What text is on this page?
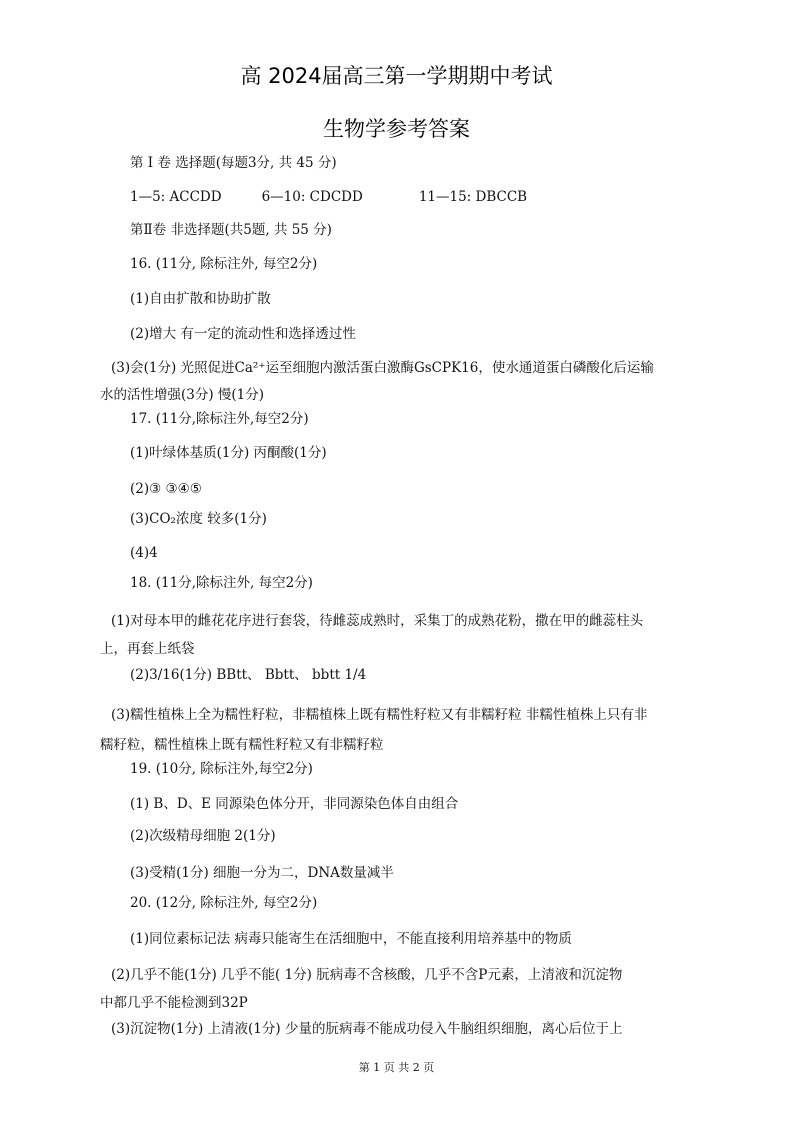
高 2024届高三第一学期期中考试
生物学参考答案
第 Ⅰ 卷 选择题(每题3分, 共 45 分)
1—5: ACCDD	6—10: CDCDD	11—15: DBCCB
第Ⅱ卷 非选择题(共5题, 共 55 分)
16. (11分, 除标注外, 每空2分)
(1)自由扩散和协助扩散
(2)增大 有一定的流动性和选择透过性
(3)会(1分) 光照促进Ca²⁺运至细胞内激活蛋白激酶GsCPK16，使水通道蛋白磷酸化后运输
水的活性增强(3分) 慢(1分)
17. (11分,除标注外,每空2分)
(1)叶绿体基质(1分) 丙酮酸(1分)
(2)③ ③④⑤
(3)CO₂浓度 较多(1分)
(4)4
18. (11分,除标注外, 每空2分)
(1)对母本甲的雌花花序进行套袋，待雌蕊成熟时，采集丁的成熟花粉，撒在甲的雌蕊柱头
上，再套上纸袋
(2)3/16(1分) BBtt、 Bbtt、 bbtt 1/4
(3)糯性植株上全为糯性籽粒，非糯植株上既有糯性籽粒又有非糯籽粒 非糯性植株上只有非
糯籽粒，糯性植株上既有糯性籽粒又有非糯籽粒
19. (10分, 除标注外,每空2分)
(1) B、D、E 同源染色体分开，非同源染色体自由组合
(2)次级精母细胞 2(1分)
(3)受精(1分) 细胞一分为二，DNA数量减半
20. (12分, 除标注外, 每空2分)
(1)同位素标记法 病毒只能寄生在活细胞中，不能直接利用培养基中的物质
(2)几乎不能(1分) 几乎不能( 1分) 朊病毒不含核酸，几乎不含P元素，上清液和沉淀物
中都几乎不能检测到32P
(3)沉淀物(1分) 上清液(1分) 少量的朊病毒不能成功侵入牛脑组织细胞，离心后位于上
第 1 页 共 2 页
